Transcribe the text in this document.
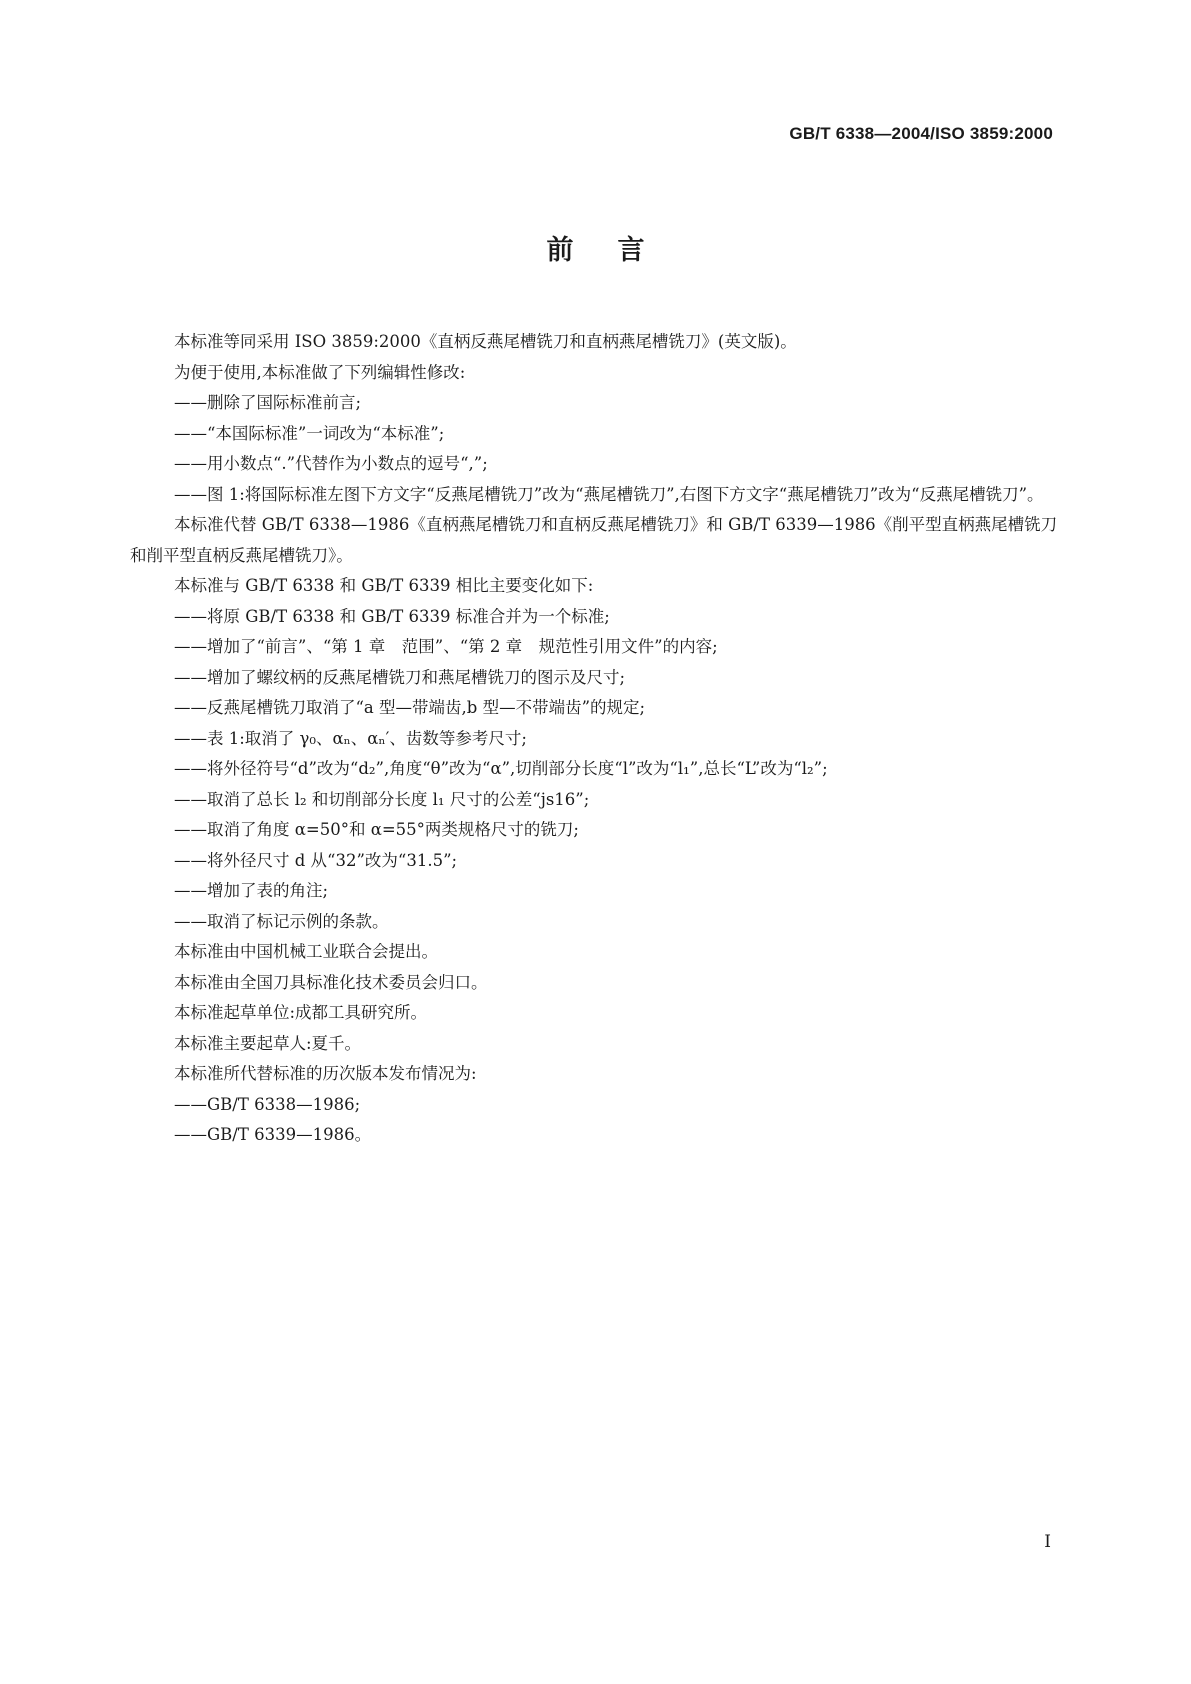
GB/T 6338—2004/ISO 3859:2000
前言

本标准等同采用 ISO 3859:2000《直柄反燕尾槽铣刀和直柄燕尾槽铣刀》(英文版)。

为便于使用,本标准做了下列编辑性修改:

——删除了国际标准前言;

——“本国际标准”一词改为“本标准”;

——用小数点“.”代替作为小数点的逗号“,”;

——图 1:将国际标准左图下方文字“反燕尾槽铣刀”改为“燕尾槽铣刀”,右图下方文字“燕尾槽铣刀”改为“反燕尾槽铣刀”。

本标准代替 GB/T 6338—1986《直柄燕尾槽铣刀和直柄反燕尾槽铣刀》和 GB/T 6339—1986《削平型直柄燕尾槽铣刀和削平型直柄反燕尾槽铣刀》。

本标准与 GB/T 6338 和 GB/T 6339 相比主要变化如下:

——将原 GB/T 6338 和 GB/T 6339 标准合并为一个标准;

——增加了“前言”、“第 1 章　范围”、“第 2 章　规范性引用文件”的内容;

——增加了螺纹柄的反燕尾槽铣刀和燕尾槽铣刀的图示及尺寸;

——反燕尾槽铣刀取消了“a 型—带端齿,b 型—不带端齿”的规定;

——表 1:取消了 γ₀、αₙ、αₙ′、齿数等参考尺寸;

——将外径符号“d”改为“d₂”,角度“θ”改为“α”,切削部分长度“l”改为“l₁”,总长“L”改为“l₂”;

——取消了总长 l₂ 和切削部分长度 l₁ 尺寸的公差“js16”;

——取消了角度 α=50°和 α=55°两类规格尺寸的铣刀;

——将外径尺寸 d 从“32”改为“31.5”;

——增加了表的角注;

——取消了标记示例的条款。

本标准由中国机械工业联合会提出。

本标准由全国刀具标准化技术委员会归口。

本标准起草单位:成都工具研究所。

本标准主要起草人:夏千。

本标准所代替标准的历次版本发布情况为:

——GB/T 6338—1986;

——GB/T 6339—1986。

I
